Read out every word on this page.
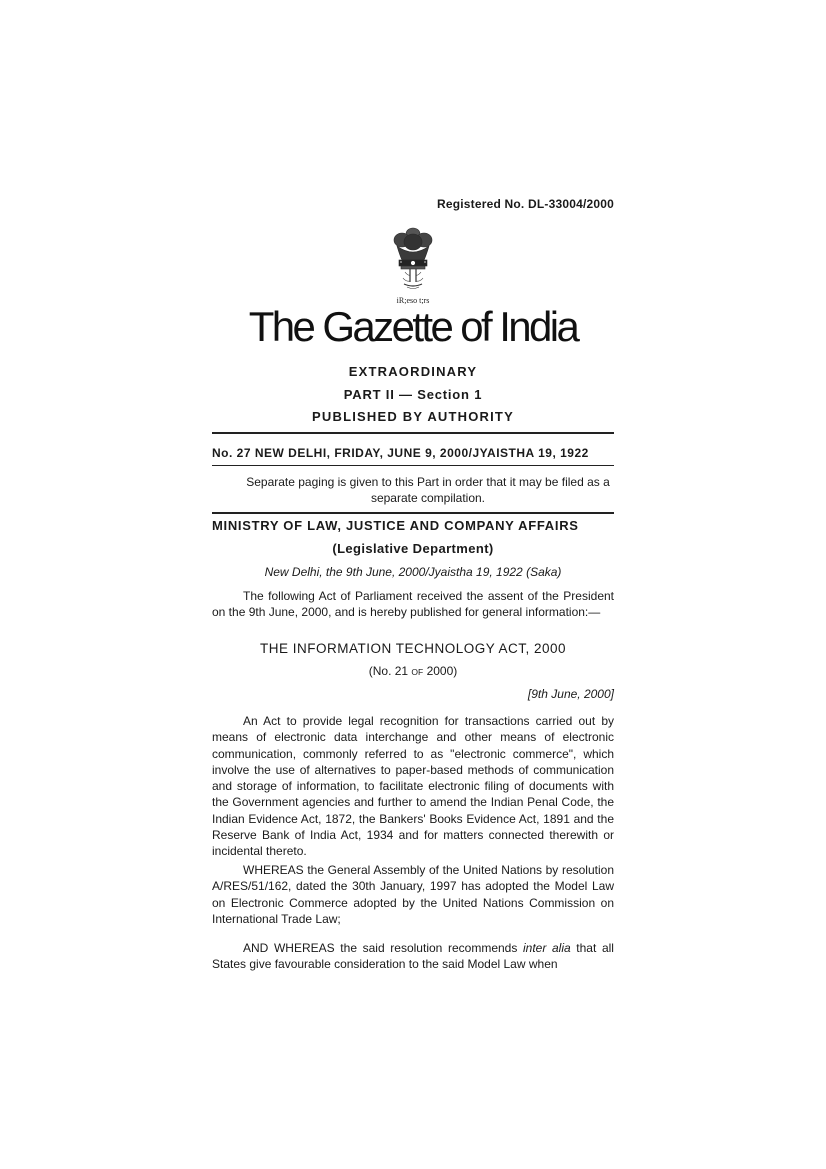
Registered No. DL-33004/2000
iR;eso t;rs
The Gazette of India
EXTRAORDINARY
PART II — Section 1
PUBLISHED BY AUTHORITY
No. 27 NEW DELHI, FRIDAY, JUNE 9, 2000/JYAISTHA 19, 1922
Separate paging is given to this Part in order that it may be filed as a separate compilation.
MINISTRY OF LAW, JUSTICE AND COMPANY AFFAIRS
(Legislative Department)
New Delhi, the 9th June, 2000/Jyaistha 19, 1922 (Saka)
The following Act of Parliament received the assent of the President on the 9th June, 2000, and is hereby published for general information:—
THE INFORMATION TECHNOLOGY ACT, 2000
(No. 21 OF 2000)
[9th June, 2000]
An Act to provide legal recognition for transactions carried out by means of electronic data interchange and other means of electronic communication, commonly referred to as "electronic commerce", which involve the use of alternatives to paper-based methods of communication and storage of information, to facilitate electronic filing of documents with the Government agencies and further to amend the Indian Penal Code, the Indian Evidence Act, 1872, the Bankers' Books Evidence Act, 1891 and the Reserve Bank of India Act, 1934 and for matters connected therewith or incidental thereto.
WHEREAS the General Assembly of the United Nations by resolution A/RES/51/162, dated the 30th January, 1997 has adopted the Model Law on Electronic Commerce adopted by the United Nations Commission on International Trade Law;
AND WHEREAS the said resolution recommends inter alia that all States give favourable consideration to the said Model Law when
